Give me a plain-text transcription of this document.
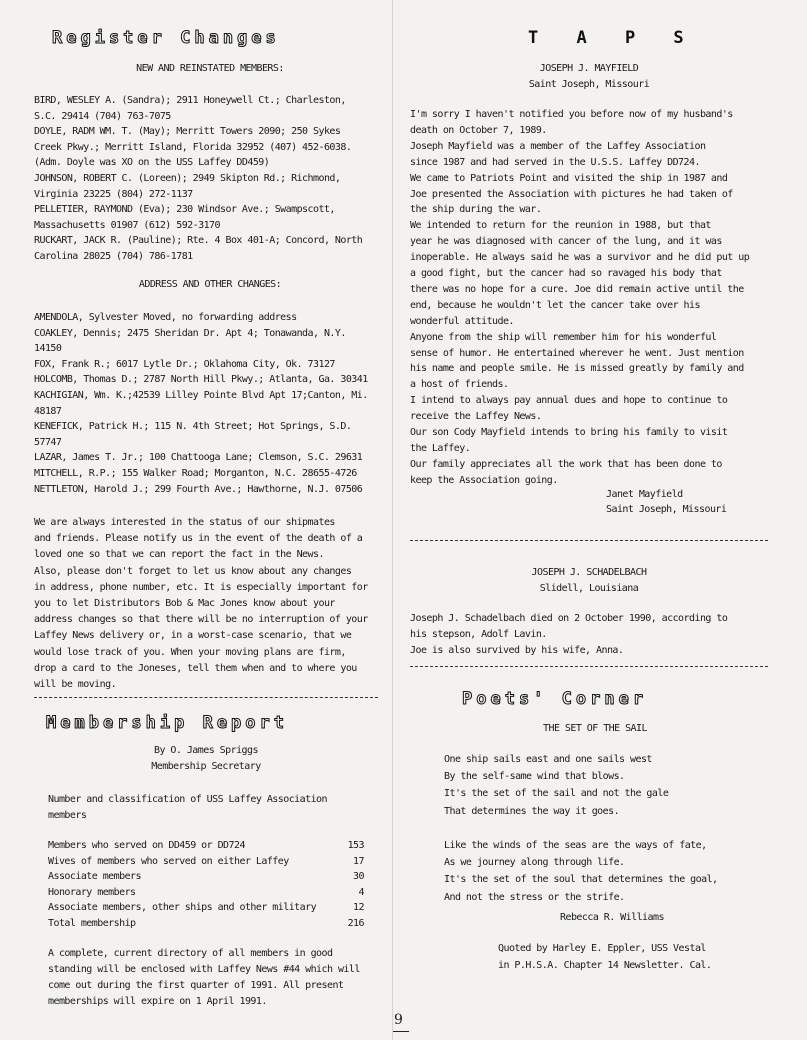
Register Changes
NEW AND REINSTATED MEMBERS:
BIRD, WESLEY A. (Sandra); 2911 Honeywell Ct.; Charleston,
S.C. 29414 (704) 763-7075
DOYLE, RADM WM. T. (May); Merritt Towers 2090; 250 Sykes
Creek Pkwy.; Merritt Island, Florida 32952 (407) 452-6038.
(Adm. Doyle was XO on the USS Laffey DD459)
JOHNSON, ROBERT C. (Loreen); 2949 Skipton Rd.; Richmond,
Virginia 23225 (804) 272-1137
PELLETIER, RAYMOND (Eva); 230 Windsor Ave.; Swampscott,
Massachusetts 01907 (612) 592-3170
RUCKART, JACK R. (Pauline); Rte. 4 Box 401-A; Concord, North
Carolina 28025 (704) 786-1781
ADDRESS AND OTHER CHANGES:
AMENDOLA, Sylvester Moved, no forwarding address
COAKLEY, Dennis; 2475 Sheridan Dr. Apt 4; Tonawanda, N.Y.
14150
FOX, Frank R.; 6017 Lytle Dr.; Oklahoma City, Ok. 73127
HOLCOMB, Thomas D.; 2787 North Hill Pkwy.; Atlanta, Ga. 30341
KACHIGIAN, Wm. K.;42539 Lilley Pointe Blvd Apt 17;Canton, Mi.
48187
KENEFICK, Patrick H.; 115 N. 4th Street; Hot Springs, S.D.
57747
LAZAR, James T. Jr.; 100 Chattooga Lane; Clemson, S.C. 29631
MITCHELL, R.P.; 155 Walker Road; Morganton, N.C. 28655-4726
NETTLETON, Harold J.; 299 Fourth Ave.; Hawthorne, N.J. 07506
We are always interested in the status of our shipmates
and friends. Please notify us in the event of the death of a
loved one so that we can report the fact in the News.
Also, please don't forget to let us know about any changes
in address, phone number, etc. It is especially important for
you to let Distributors Bob & Mac Jones know about your
address changes so that there will be no interruption of your
Laffey News delivery or, in a worst-case scenario, that we
would lose track of you. When your moving plans are firm,
drop a card to the Joneses, tell them when and to where you
will be moving.
Membership Report
By O. James Spriggs
Membership Secretary
Number and classification of USS Laffey Association
members
Members who served on DD459 or DD724	153
Wives of members who served on either Laffey	17
Associate members	30
Honorary members	4
Associate members, other ships and other military	12
Total membership	216
A complete, current directory of all members in good
standing will be enclosed with Laffey News #44 which will
come out during the first quarter of 1991. All present
memberships will expire on 1 April 1991.
T A P S
JOSEPH J. MAYFIELD
Saint Joseph, Missouri
I'm sorry I haven't notified you before now of my husband's
death on October 7, 1989.
Joseph Mayfield was a member of the Laffey Association
since 1987 and had served in the U.S.S. Laffey DD724.
We came to Patriots Point and visited the ship in 1987 and
Joe presented the Association with pictures he had taken of
the ship during the war.
We intended to return for the reunion in 1988, but that
year he was diagnosed with cancer of the lung, and it was
inoperable. He always said he was a survivor and he did put up
a good fight, but the cancer had so ravaged his body that
there was no hope for a cure. Joe did remain active until the
end, because he wouldn't let the cancer take over his
wonderful attitude.
Anyone from the ship will remember him for his wonderful
sense of humor. He entertained wherever he went. Just mention
his name and people smile. He is missed greatly by family and
a host of friends.
I intend to always pay annual dues and hope to continue to
receive the Laffey News.
Our son Cody Mayfield intends to bring his family to visit
the Laffey.
Our family appreciates all the work that has been done to
keep the Association going.
Janet Mayfield
Saint Joseph, Missouri
JOSEPH J. SCHADELBACH
Slidell, Louisiana
Joseph J. Schadelbach died on 2 October 1990, according to
his stepson, Adolf Lavin.
Joe is also survived by his wife, Anna.
Poets' Corner
THE SET OF THE SAIL
One ship sails east and one sails west
By the self-same wind that blows.
It's the set of the sail and not the gale
That determines the way it goes.
Like the winds of the seas are the ways of fate,
As we journey along through life.
It's the set of the soul that determines the goal,
And not the stress or the strife.
Rebecca R. Williams
Quoted by Harley E. Eppler, USS Vestal
in P.H.S.A. Chapter 14 Newsletter. Cal.
9
